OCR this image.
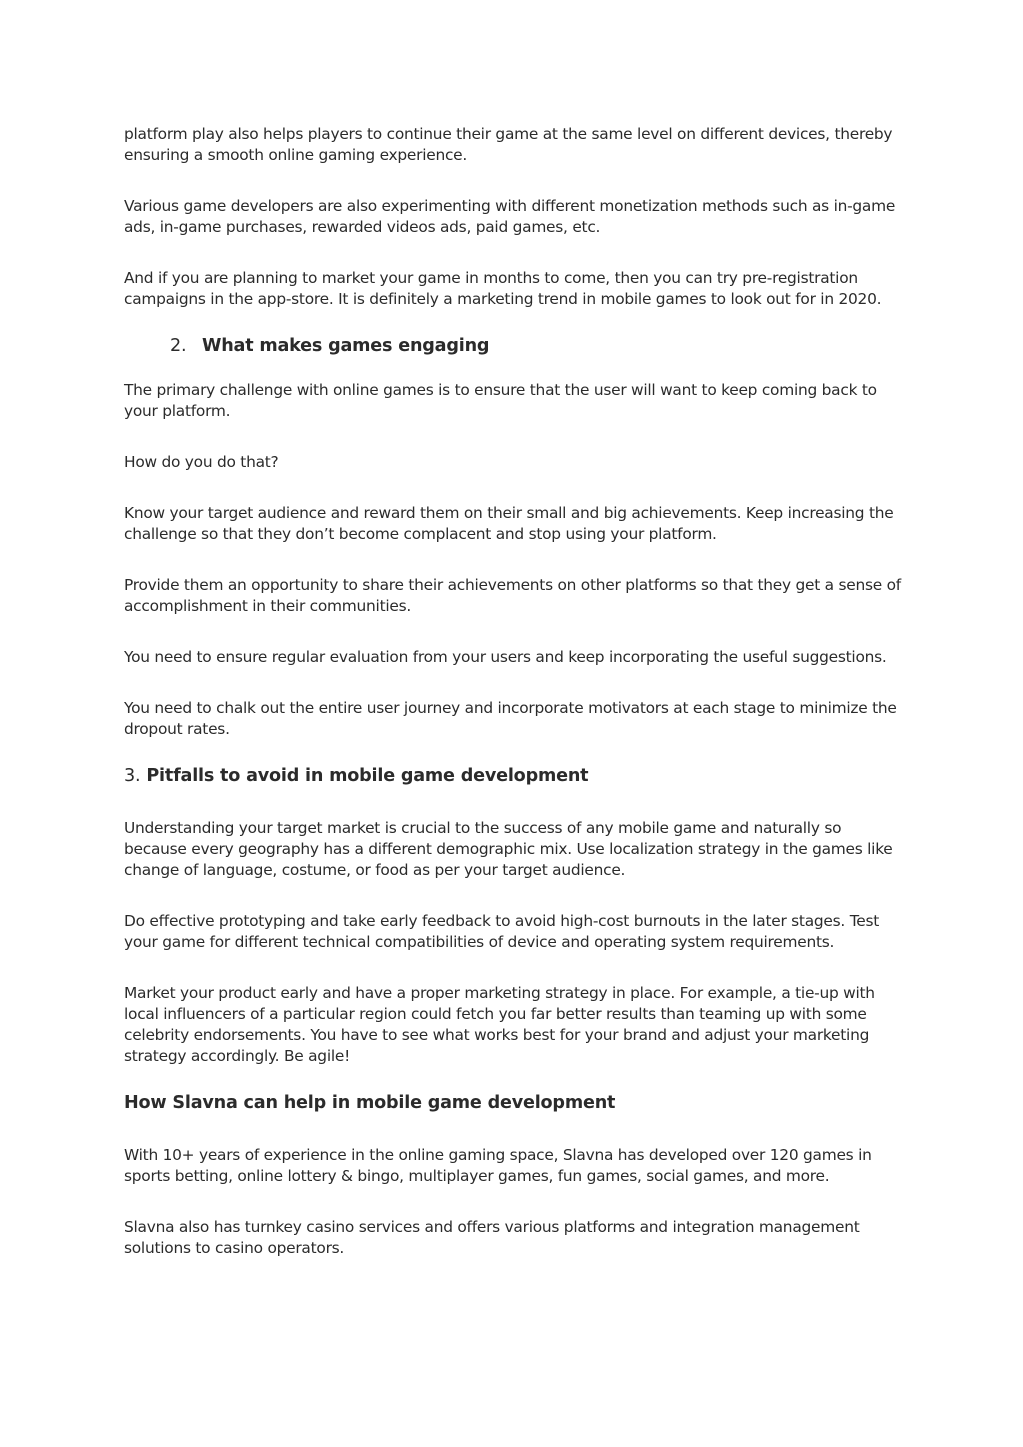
platform play also helps players to continue their game at the same level on different devices, thereby ensuring a smooth online gaming experience.

Various game developers are also experimenting with different monetization methods such as in-game ads, in-game purchases, rewarded videos ads, paid games, etc.

And if you are planning to market your game in months to come, then you can try pre-registration campaigns in the app-store. It is definitely a marketing trend in mobile games to look out for in 2020.

2. What makes games engaging

The primary challenge with online games is to ensure that the user will want to keep coming back to your platform.

How do you do that?

Know your target audience and reward them on their small and big achievements. Keep increasing the challenge so that they don’t become complacent and stop using your platform.

Provide them an opportunity to share their achievements on other platforms so that they get a sense of accomplishment in their communities.

You need to ensure regular evaluation from your users and keep incorporating the useful suggestions.

You need to chalk out the entire user journey and incorporate motivators at each stage to minimize the dropout rates.

3. Pitfalls to avoid in mobile game development

Understanding your target market is crucial to the success of any mobile game and naturally so because every geography has a different demographic mix. Use localization strategy in the games like change of language, costume, or food as per your target audience.

Do effective prototyping and take early feedback to avoid high-cost burnouts in the later stages. Test your game for different technical compatibilities of device and operating system requirements.

Market your product early and have a proper marketing strategy in place. For example, a tie-up with local influencers of a particular region could fetch you far better results than teaming up with some celebrity endorsements. You have to see what works best for your brand and adjust your marketing strategy accordingly. Be agile!

How Slavna can help in mobile game development

With 10+ years of experience in the online gaming space, Slavna has developed over 120 games in sports betting, online lottery & bingo, multiplayer games, fun games, social games, and more.

Slavna also has turnkey casino services and offers various platforms and integration management solutions to casino operators.
